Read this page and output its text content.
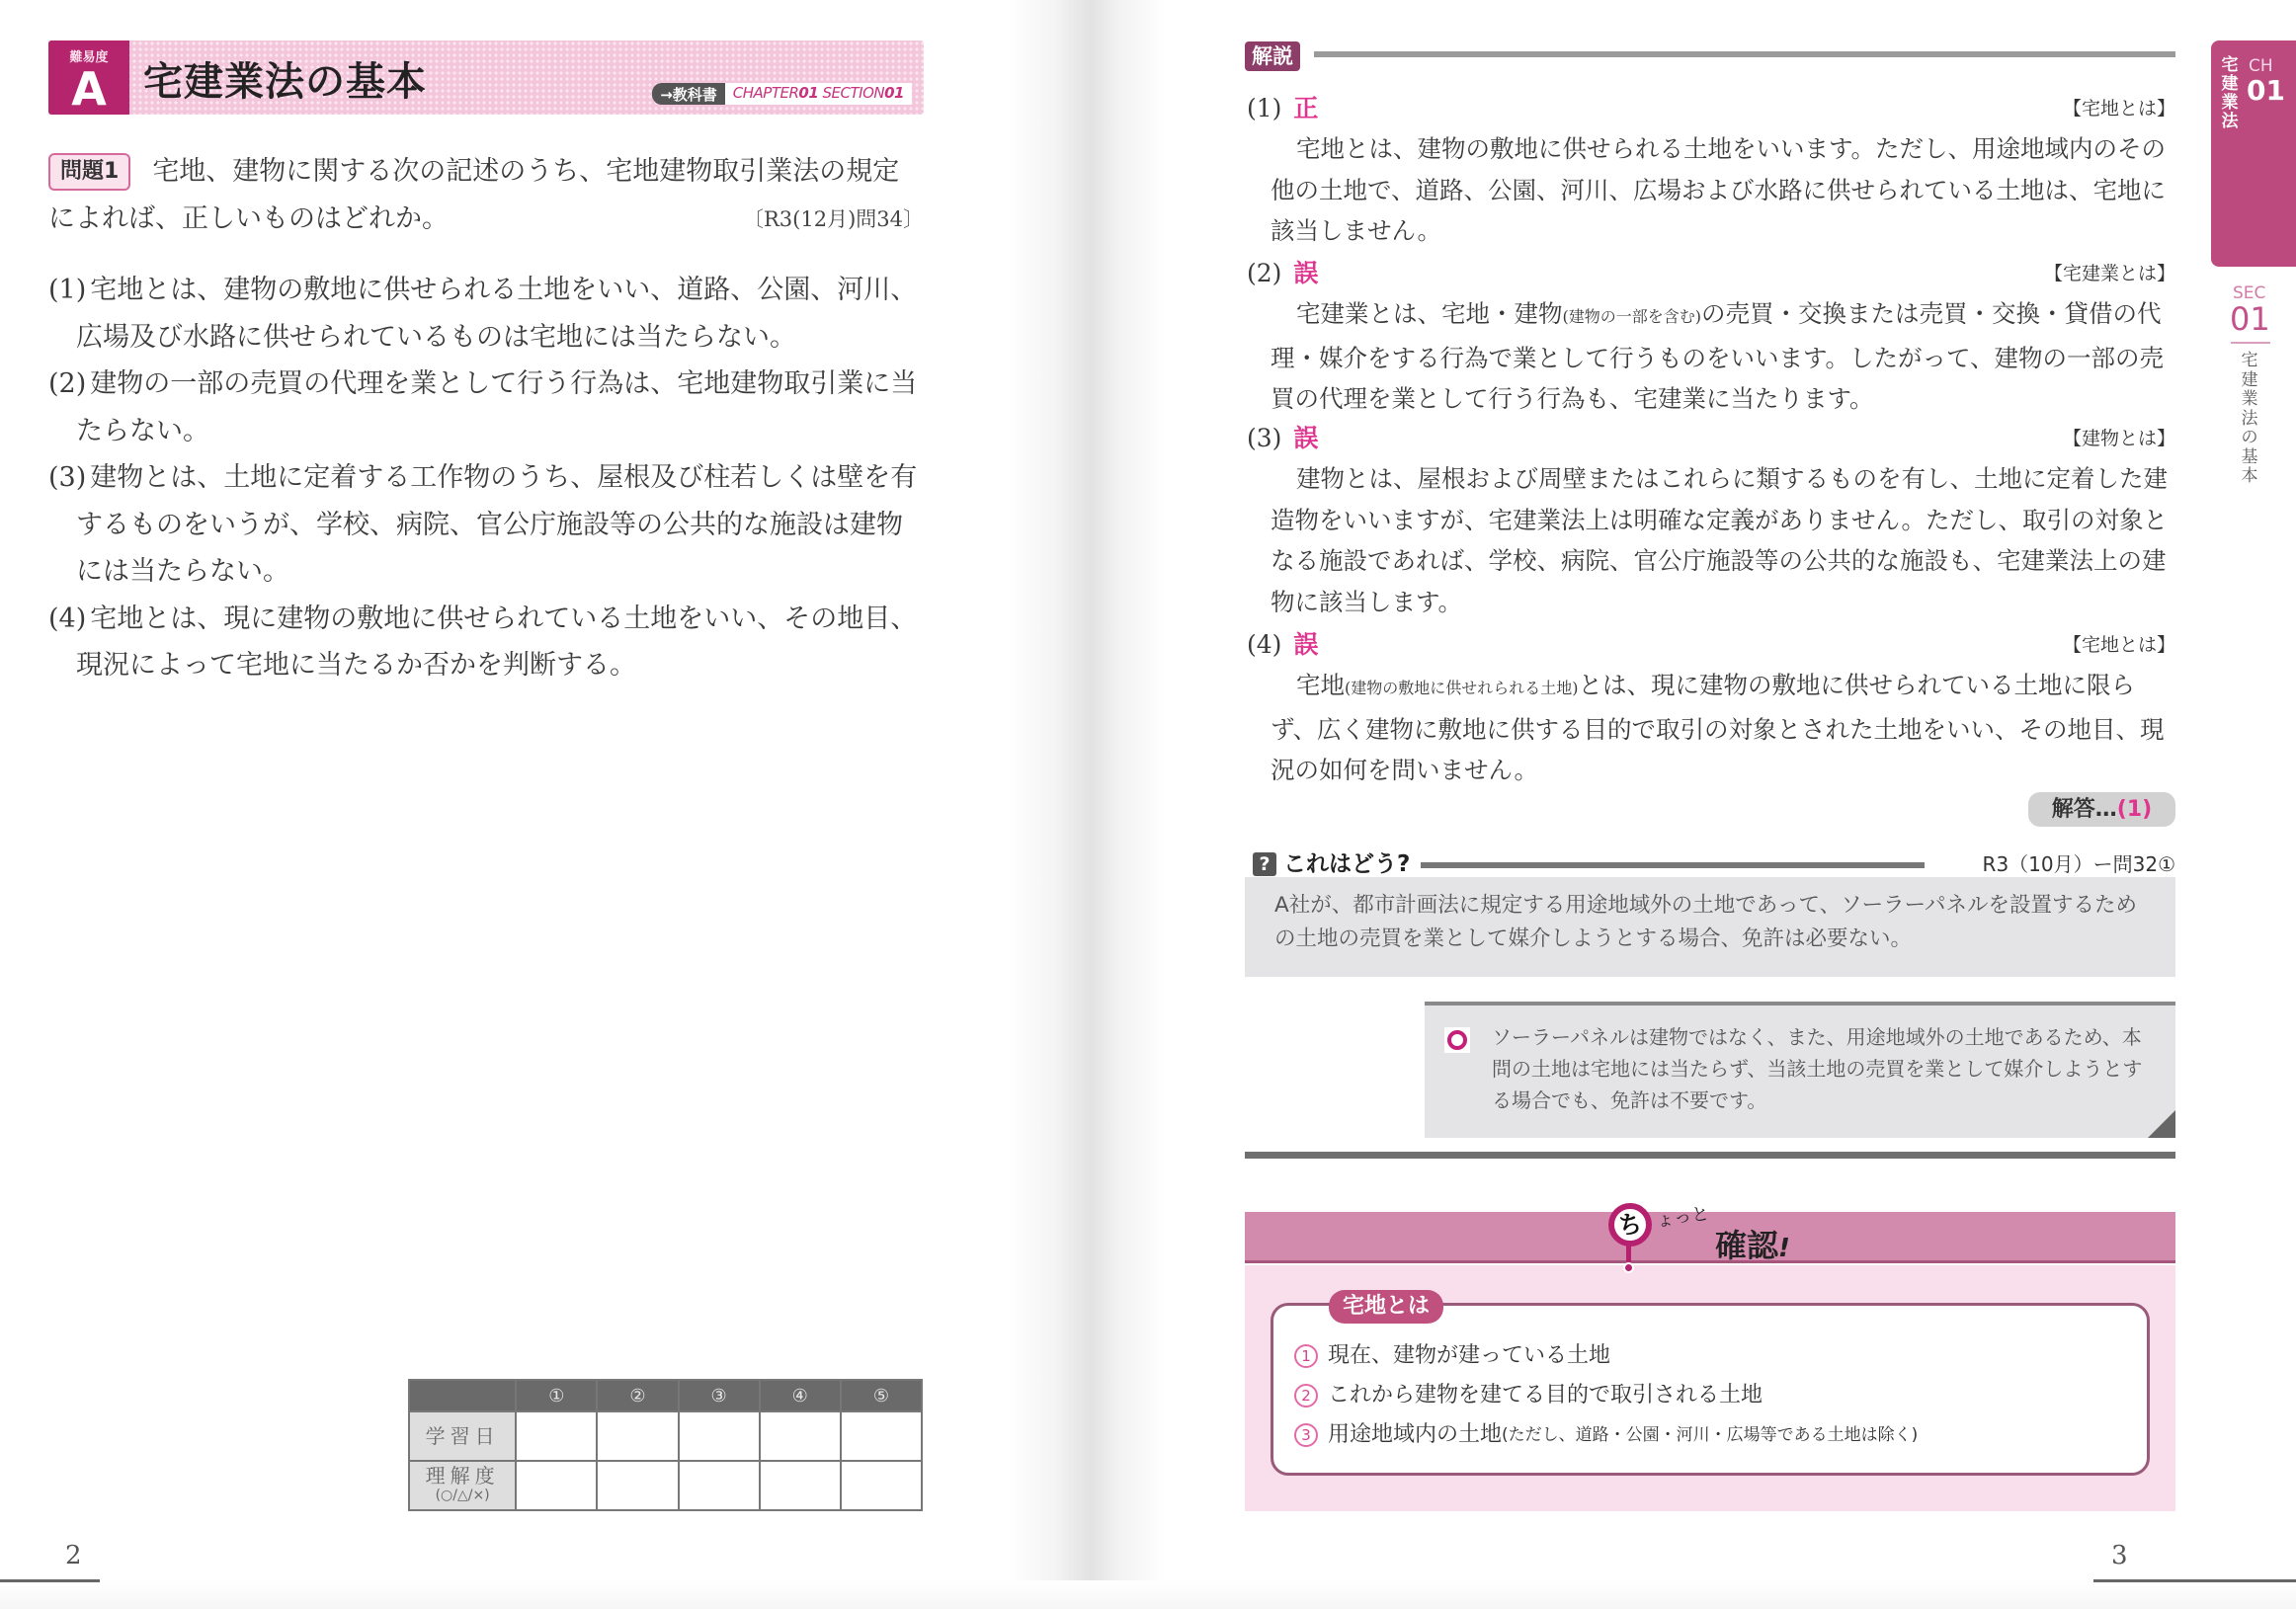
難易度
A 宅建業法の基本	→教科書	CHAPTER01 SECTION01
問題1 宅地、建物に関する次の記述のうち、宅地建物取引業法の規定によれば、正しいものはどれか。	〔R3(12月)問34〕
(1) 宅地とは、建物の敷地に供せられる土地をいい、道路、公園、河川、広場及び水路に供せられているものは宅地には当たらない。
(2) 建物の一部の売買の代理を業として行う行為は、宅地建物取引業に当たらない。
(3) 建物とは、土地に定着する工作物のうち、屋根及び柱若しくは壁を有するものをいうが、学校、病院、官公庁施設等の公共的な施設は建物には当たらない。
(4) 宅地とは、現に建物の敷地に供せられている土地をいい、その地目、現況によって宅地に当たるか否かを判断する。
	①	②	③	④	⑤
学習日					
理解度
(○/△/×)					

2
解説
(1) 正	【宅地とは】
宅地とは、建物の敷地に供せられる土地をいいます。ただし、用途地域内のその他の土地で、道路、公園、河川、広場および水路に供せられている土地は、宅地に該当しません。
(2) 誤	【宅建業とは】
宅建業とは、宅地・建物(建物の一部を含む)の売買・交換または売買・交換・貸借の代理・媒介をする行為で業として行うものをいいます。したがって、建物の一部の売買の代理を業として行う行為も、宅建業に当たります。
(3) 誤	【建物とは】
建物とは、屋根および周壁またはこれらに類するものを有し、土地に定着した建造物をいいますが、宅建業法上は明確な定義がありません。ただし、取引の対象となる施設であれば、学校、病院、官公庁施設等の公共的な施設も、宅建業法上の建物に該当します。
(4) 誤	【宅地とは】
宅地(建物の敷地に供せれられる土地)とは、現に建物の敷地に供せられている土地に限らず、広く建物に敷地に供する目的で取引の対象とされた土地をいい、その地目、現況の如何を問いません。
解答…(1)
? これはどう?	R3（10月）ー問32①
A社が、都市計画法に規定する用途地域外の土地であって、ソーラーパネルを設置するための土地の売買を業として媒介しようとする場合、免許は必要ない。
ソーラーパネルは建物ではなく、また、用途地域外の土地であるため、本問の土地は宅地には当たらず、当該土地の売買を業として媒介しようとする場合でも、免許は不要です。
ち ょっと
確認!
宅地とは
1 現在、建物が建っている土地
2 これから建物を建てる目的で取引される土地
3 用途地域内の土地 (ただし、道路・公園・河川・広場等である土地は除く)
宅建業法
CH
01
SEC
01
宅建業法の基本
3
